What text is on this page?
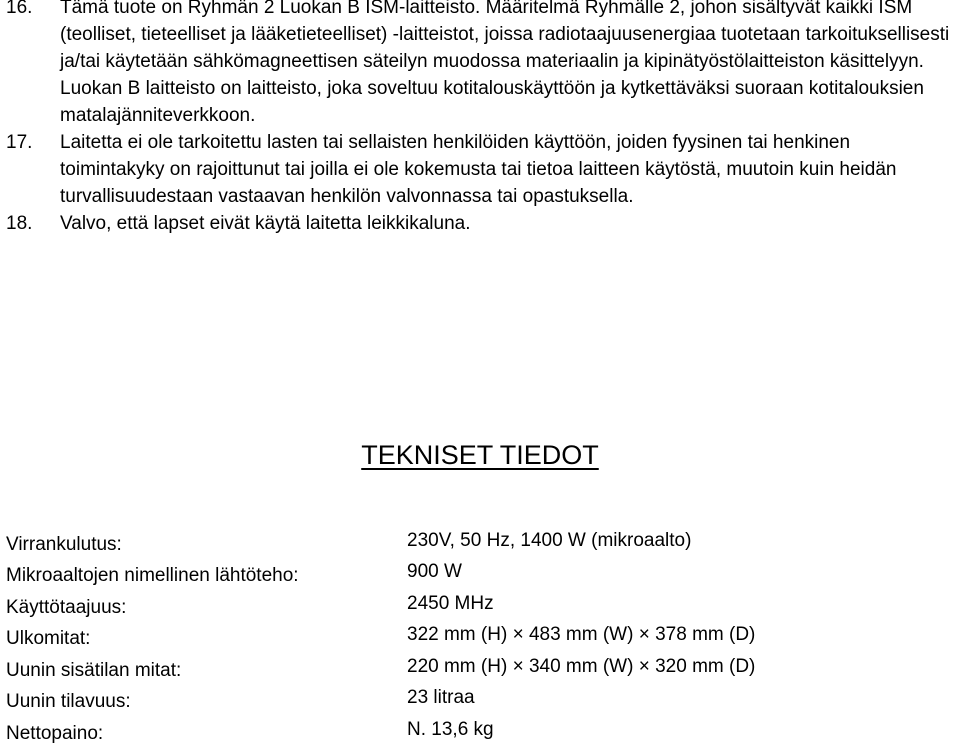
16.	Tämä tuote on Ryhmän 2 Luokan B ISM-laitteisto. Määritelmä Ryhmälle 2, johon sisältyvät kaikki ISM (teolliset, tieteelliset ja lääketieteelliset) -laitteistot, joissa radiotaajuusenergiaa tuotetaan tarkoituksellisesti ja/tai käytetään sähkömagneettisen säteilyn muodossa materiaalin ja kipinätyöstölaitteiston käsittelyyn. Luokan B laitteisto on laitteisto, joka soveltuu kotitalouskäyttöön ja kytkettäväksi suoraan kotitalouksien matalajänniteverkkoon.
17.	Laitetta ei ole tarkoitettu lasten tai sellaisten henkilöiden käyttöön, joiden fyysinen tai henkinen toimintakyky on rajoittunut tai joilla ei ole kokemusta tai tietoa laitteen käytöstä, muutoin kuin heidän turvallisuudestaan vastaavan henkilön valvonnassa tai opastuksella.
18.	Valvo, että lapset eivät käytä laitetta leikkikaluna.
TEKNISET TIEDOT
Virrankulutus:	230V, 50 Hz, 1400 W (mikroaalto)
Mikroaaltojen nimellinen lähtöteho:	900 W
Käyttötaajuus:	2450 MHz
Ulkomitat:	322 mm (H) × 483 mm (W) × 378 mm (D)
Uunin sisätilan mitat:	220 mm (H) × 340 mm (W) × 320 mm (D)
Uunin tilavuus:	23 litraa
Nettopaino:	N. 13,6 kg
